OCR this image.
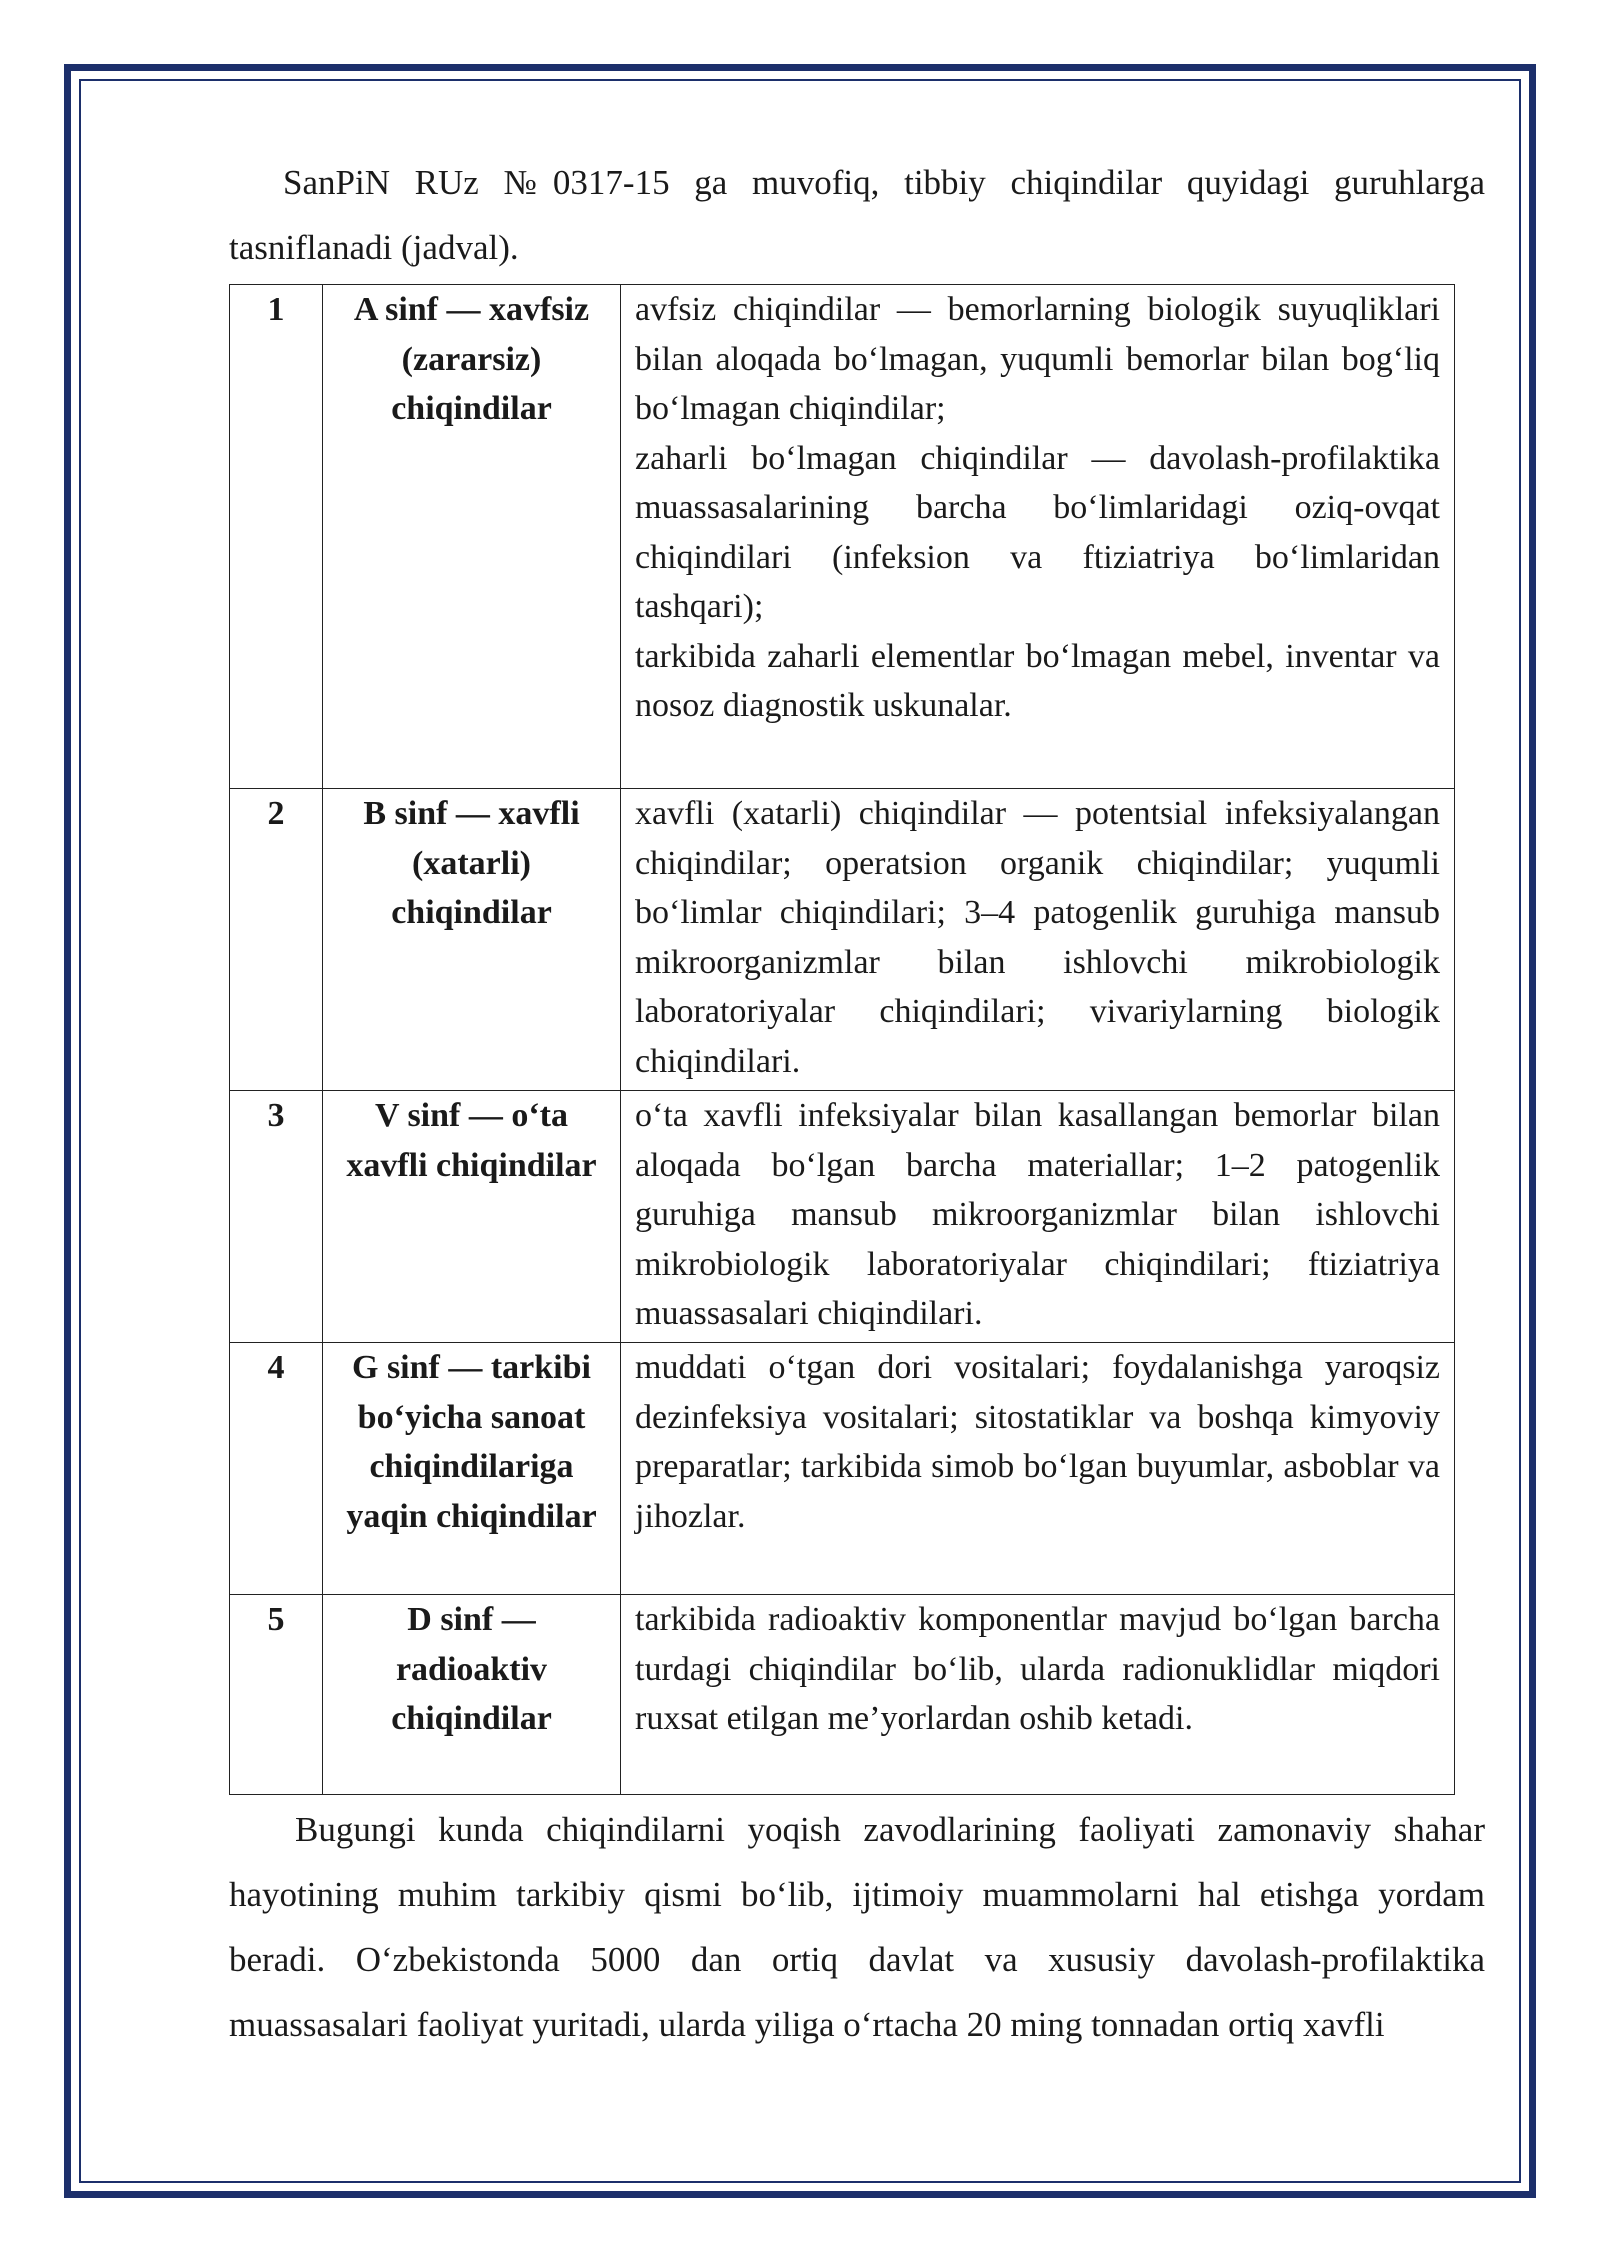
SanPiN RUz №0317-15 ga muvofiq, tibbiy chiqindilar quyidagi guruhlarga tasniflanadi (jadval).

1	A sinf — xavfsiz (zararsiz) chiqindilar	avfsiz chiqindilar — bemorlarning biologik suyuqliklari bilan aloqada boʻlmagan, yuqumli bemorlar bilan bogʻliq boʻlmagan chiqindilar;
zaharli boʻlmagan chiqindilar — davolash-profilaktika muassasalarining barcha boʻlimlaridagi oziq-ovqat chiqindilari (infeksion va ftiziatriya boʻlimlaridan tashqari);
tarkibida zaharli elementlar boʻlmagan mebel, inventar va nosoz diagnostik uskunalar.

2	B sinf — xavfli (xatarli) chiqindilar	xavfli (xatarli) chiqindilar — potentsial infeksiyalangan chiqindilar; operatsion organik chiqindilar; yuqumli boʻlimlar chiqindilari; 3–4 patogenlik guruhiga mansub mikroorganizmlar bilan ishlovchi mikrobiologik laboratoriyalar chiqindilari; vivariylarning biologik chiqindilari.

3	V sinf — oʻta xavfli chiqindilar	oʻta xavfli infeksiyalar bilan kasallangan bemorlar bilan aloqada boʻlgan barcha materiallar; 1–2 patogenlik guruhiga mansub mikroorganizmlar bilan ishlovchi mikrobiologik laboratoriyalar chiqindilari; ftiziatriya muassasalari chiqindilari.

4	G sinf — tarkibi boʻyicha sanoat chiqindilariga yaqin chiqindilar	muddati oʻtgan dori vositalari; foydalanishga yaroqsiz dezinfeksiya vositalari; sitostatiklar va boshqa kimyoviy preparatlar; tarkibida simob boʻlgan buyumlar, asboblar va jihozlar.

5	D sinf — radioaktiv chiqindilar	tarkibida radioaktiv komponentlar mavjud boʻlgan barcha turdagi chiqindilar boʻlib, ularda radionuklidlar miqdori ruxsat etilgan me’yorlardan oshib ketadi.

Bugungi kunda chiqindilarni yoqish zavodlarining faoliyati zamonaviy shahar hayotining muhim tarkibiy qismi boʻlib, ijtimoiy muammolarni hal etishga yordam beradi. Oʻzbekistonda 5000 dan ortiq davlat va xususiy davolash-profilaktika muassasalari faoliyat yuritadi, ularda yiliga oʻrtacha 20 ming tonnadan ortiq xavfli
